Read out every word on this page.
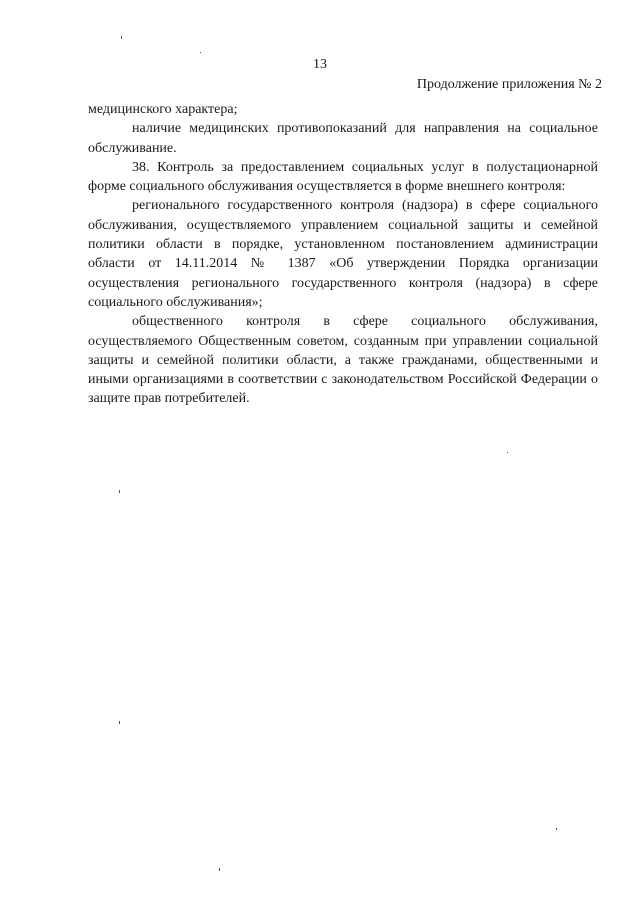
13
Продолжение приложения № 2

медицинского характера;

наличие медицинских противопоказаний для направления на социальное обслуживание.

38. Контроль за предоставлением социальных услуг в полустационарной форме социального обслуживания осуществляется в форме внешнего контроля:

регионального государственного контроля (надзора) в сфере социального обслуживания, осуществляемого управлением социальной защиты и семейной политики области в порядке, установленном постановлением администрации области от 14.11.2014 № 1387 «Об утверждении Порядка организации осуществления регионального государственного контроля (надзора) в сфере социального обслуживания»;

общественного контроля в сфере социального обслуживания, осуществляемого Общественным советом, созданным при управлении социальной защиты и семейной политики области, а также гражданами, общественными и иными организациями в соответствии с законодательством Российской Федерации о защите прав потребителей.
